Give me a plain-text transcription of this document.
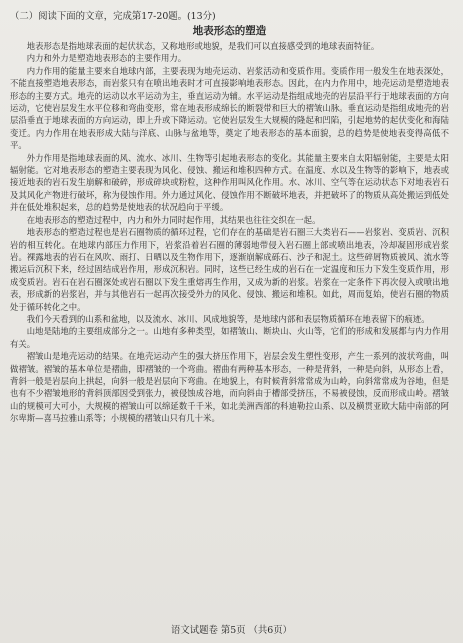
（二）阅读下面的文章，完成第17-20题。(13分)
地表形态的塑造

地表形态是指地球表面的起伏状态，又称地形或地貌，是我们可以直接感受到的地球表面特征。

内力和外力是塑造地表形态的主要作用力。

内力作用的能量主要来自地球内部，主要表现为地壳运动、岩浆活动和变质作用。变质作用一般发生在地表深处，不能直接塑造地表形态，而岩浆只有在喷出地表时才可直接影响地表形态。因此，在内力作用中，地壳运动是塑造地表形态的主要方式。地壳的运动以水平运动为主，垂直运动为辅。水平运动是指组成地壳的岩层沿平行于地球表面的方向运动，它使岩层发生水平位移和弯曲变形，常在地表形成绵长的断裂带和巨大的褶皱山脉。垂直运动是指组成地壳的岩层沿垂直于地球表面的方向运动，即上升或下降运动。它使岩层发生大规模的隆起和凹陷，引起地势的起伏变化和海陆变迁。内力作用在地表形成大陆与洋底、山脉与盆地等，奠定了地表形态的基本面貌，总的趋势是使地表变得高低不平。

外力作用是指地球表面的风、流水、冰川、生物等引起地表形态的变化。其能量主要来自太阳辐射能，主要是太阳辐射能。它对地表形态的塑造主要表现为风化、侵蚀、搬运和堆积四种方式。在温度、水以及生物等的影响下，地表或接近地表的岩石发生崩解和破碎，形成碎块或粉粒，这种作用叫风化作用。水、冰川、空气等在运动状态下对地表岩石及其风化产物进行破坏，称为侵蚀作用。外力通过风化、侵蚀作用不断破坏地表，并把破坏了的物质从高处搬运到低处并在低处堆积起来，总的趋势是使地表的状况趋向于平缓。

在地表形态的塑造过程中，内力和外力同时起作用，其结果也往往交织在一起。

地表形态的塑造过程也是岩石圈物质的循环过程，它们存在的基础是岩石圈三大类岩石——岩浆岩、变质岩、沉积岩的相互转化。在地球内部压力作用下，岩浆沿着岩石圈的薄弱地带侵入岩石圈上部或喷出地表，冷却凝固形成岩浆岩。裸露地表的岩石在风吹、雨打、日晒以及生物作用下，逐渐崩解成砾石、沙子和泥土。这些碎屑物质被风、流水等搬运后沉积下来，经过固结成岩作用，形成沉积岩。同时，这些已经生成的岩石在一定温度和压力下发生变质作用，形成变质岩。岩石在岩石圈深处或岩石圈以下发生重熔再生作用，又成为新的岩浆。岩浆在一定条件下再次侵入或喷出地表，形成新的岩浆岩，并与其他岩石一起再次接受外力的风化、侵蚀、搬运和堆积。如此，周而复始，使岩石圈的物质处于循环转化之中。

我们今天看到的山系和盆地，以及流水、冰川、风成地貌等，是地球内部和表层物质循环在地表留下的痕迹。

山地是陆地的主要组成部分之一。山地有多种类型，如褶皱山、断块山、火山等，它们的形成和发展都与内力作用有关。

褶皱山是地壳运动的结果。在地壳运动产生的强大挤压作用下，岩层会发生塑性变形，产生一系列的波状弯曲，叫做褶皱。褶皱的基本单位是褶曲，即褶皱的一个弯曲。褶曲有两种基本形态，一种是背斜，一种是向斜，从形态上看，背斜一般是岩层向上拱起，向斜一般是岩层向下弯曲。在地貌上，有时候背斜常常成为山岭，向斜常常成为谷地，但是也有不少褶皱地形的背斜顶部因受到张力，被侵蚀成谷地，而向斜由于槽部受挤压，不易被侵蚀，反而形成山岭。褶皱山的规模可大可小，大规模的褶皱山可以绵延数千千米，如北美洲西部的科迪勒拉山系、以及横贯亚欧大陆中南部的阿尔卑斯—喜马拉雅山系等；小规模的褶皱山只有几十米。

语文试题卷 第5页 （共6页）
